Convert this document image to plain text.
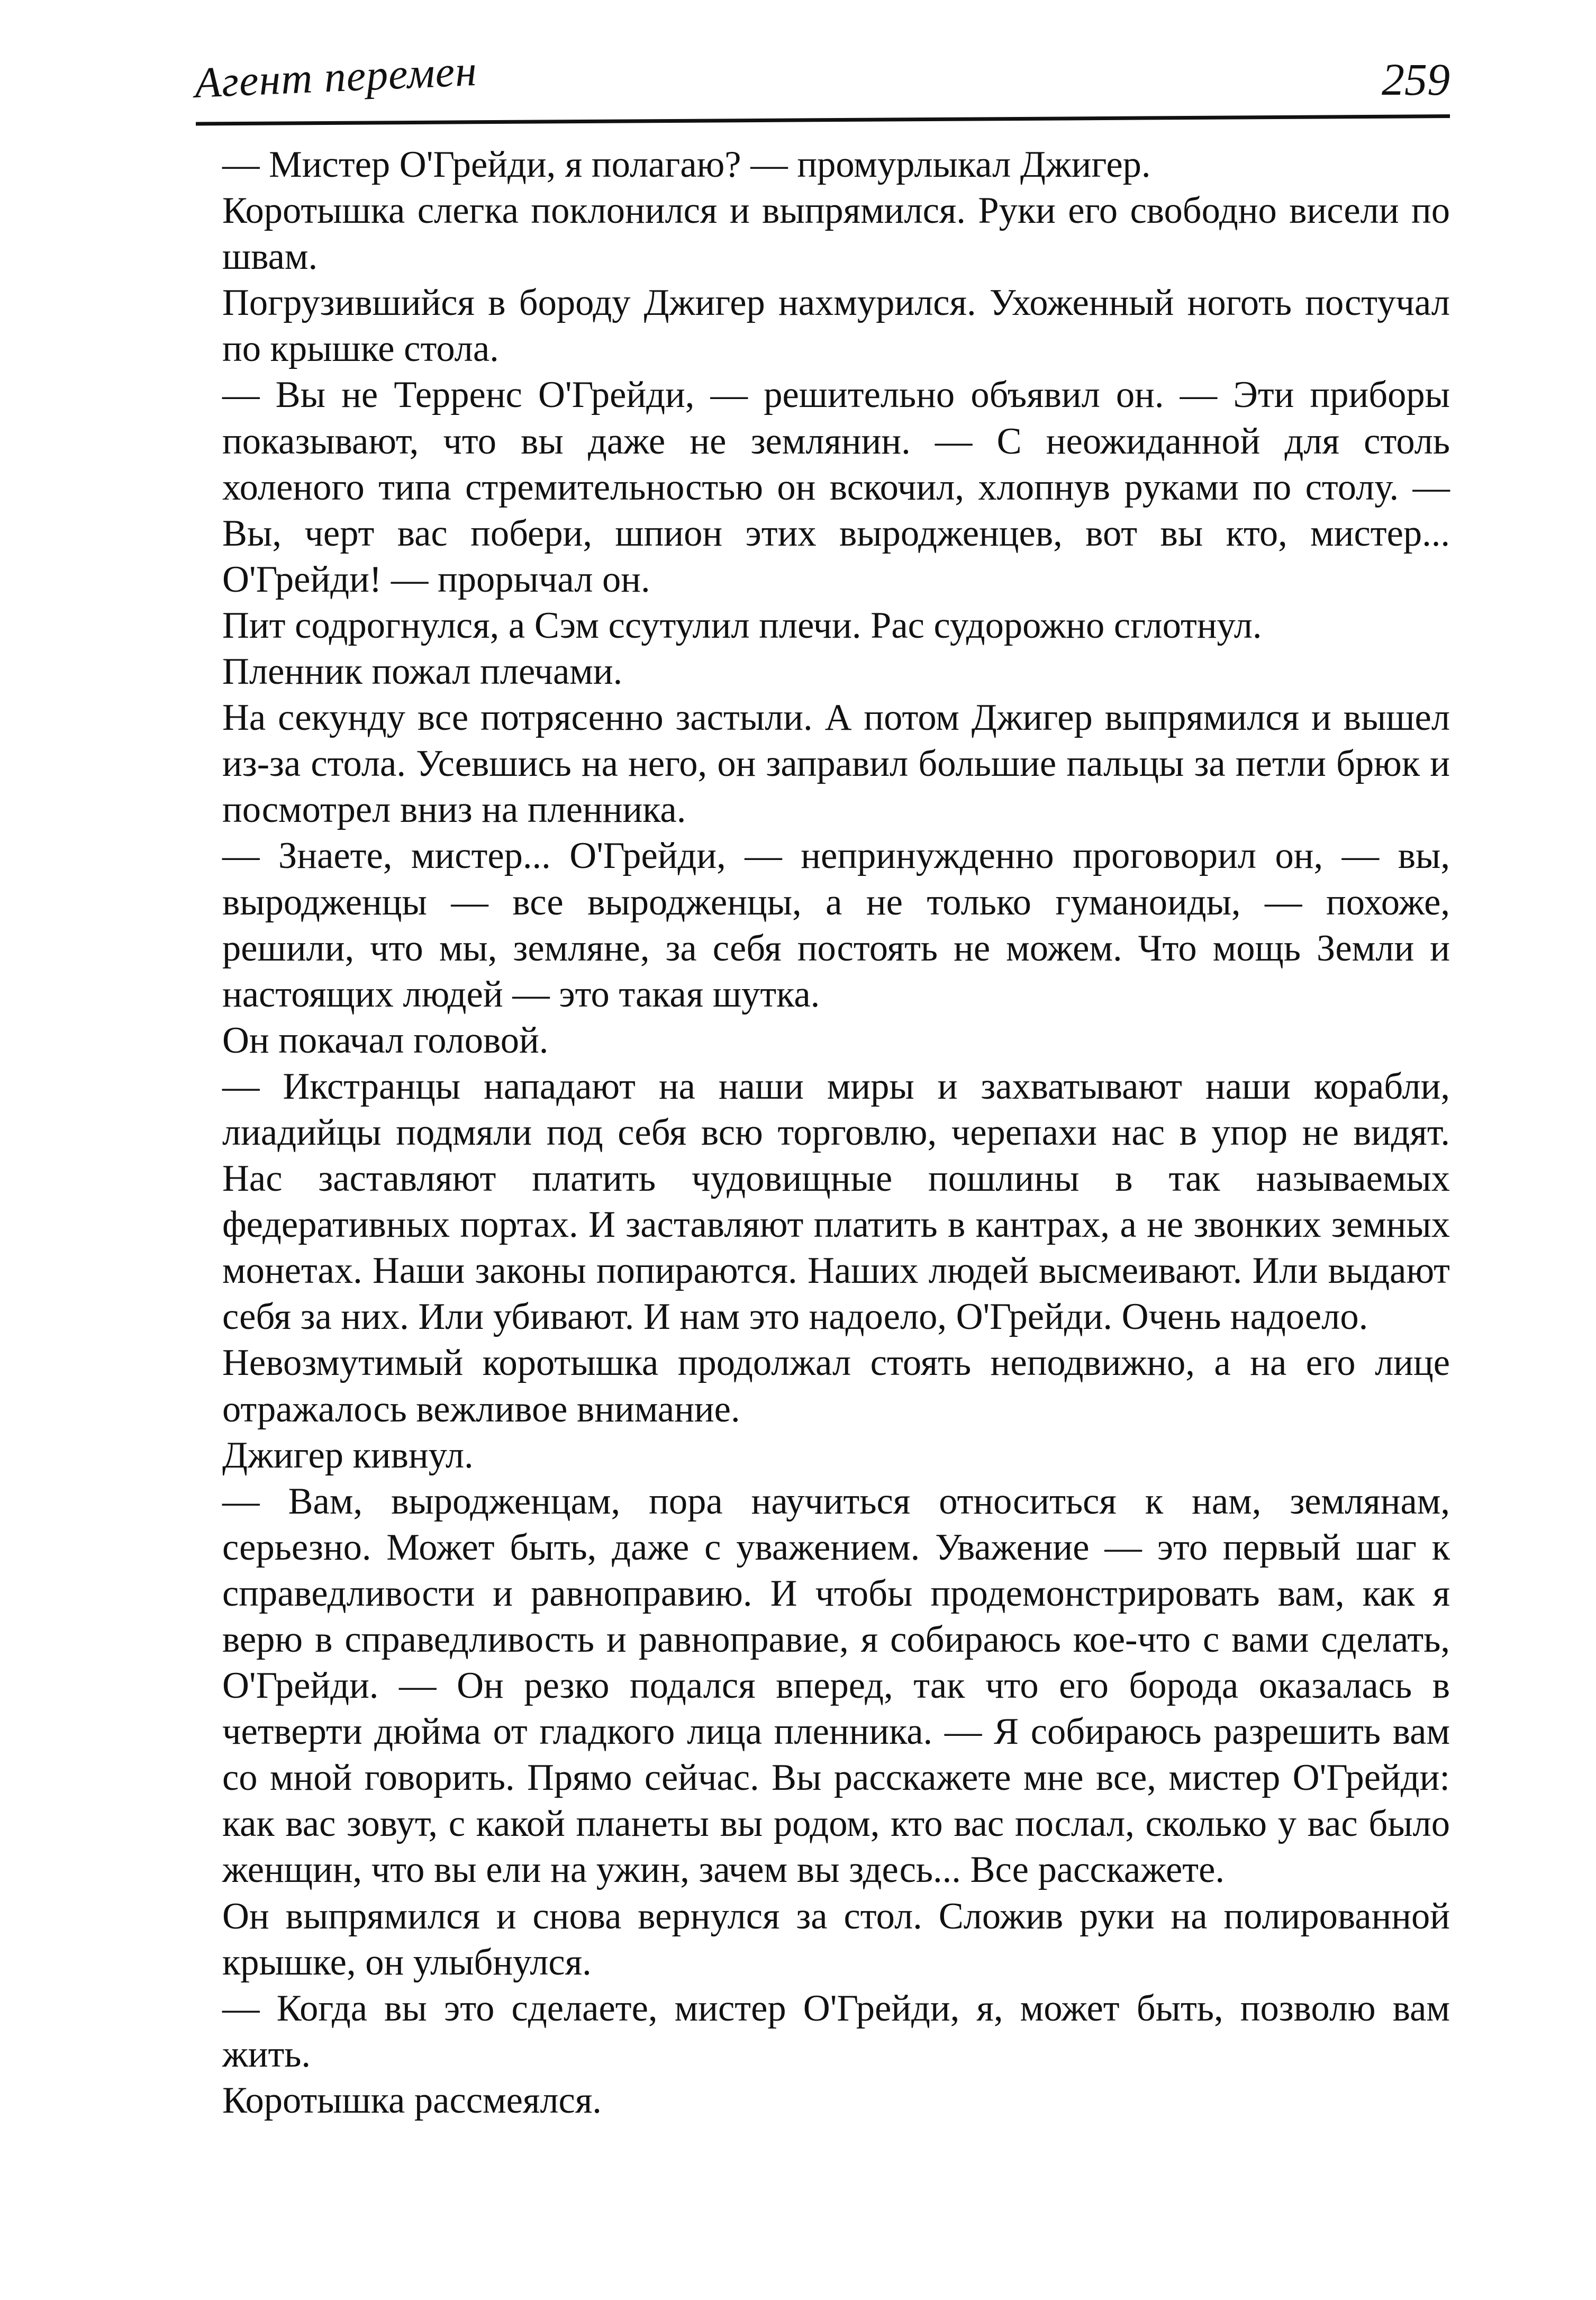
Агент перемен	259

— Мистер О'Грейди, я полагаю? — промурлыкал Джигер.

Коротышка слегка поклонился и выпрямился. Руки его свободно висели по швам.

Погрузившийся в бороду Джигер нахмурился. Ухоженный ноготь постучал по крышке стола.

— Вы не Терренс О'Грейди, — решительно объявил он. — Эти приборы показывают, что вы даже не землянин. — С неожиданной для столь холеного типа стремительностью он вскочил, хлопнув руками по столу. — Вы, черт вас побери, шпион этих выродженцев, вот вы кто, мистер... О'Грейди! — прорычал он.

Пит содрогнулся, а Сэм ссутулил плечи. Рас судорожно сглотнул.

Пленник пожал плечами.

На секунду все потрясенно застыли. А потом Джигер выпрямился и вышел из-за стола. Усевшись на него, он заправил большие пальцы за петли брюк и посмотрел вниз на пленника.

— Знаете, мистер... О'Грейди, — непринужденно проговорил он, — вы, выродженцы — все выродженцы, а не только гуманоиды, — похоже, решили, что мы, земляне, за себя постоять не можем. Что мощь Земли и настоящих людей — это такая шутка.

Он покачал головой.

— Икстранцы нападают на наши миры и захватывают наши корабли, лиадийцы подмяли под себя всю торговлю, черепахи нас в упор не видят. Нас заставляют платить чудовищные пошлины в так называемых федеративных портах. И заставляют платить в кантрах, а не звонких земных монетах. Наши законы попираются. Наших людей высмеивают. Или выдают себя за них. Или убивают. И нам это надоело, О'Грейди. Очень надоело.

Невозмутимый коротышка продолжал стоять неподвижно, а на его лице отражалось вежливое внимание.

Джигер кивнул.

— Вам, выродженцам, пора научиться относиться к нам, землянам, серьезно. Может быть, даже с уважением. Уважение — это первый шаг к справедливости и равноправию. И чтобы продемонстрировать вам, как я верю в справедливость и равноправие, я собираюсь кое-что с вами сделать, О'Грейди. — Он резко подался вперед, так что его борода оказалась в четверти дюйма от гладкого лица пленника. — Я собираюсь разрешить вам со мной говорить. Прямо сейчас. Вы расскажете мне все, мистер О'Грейди: как вас зовут, с какой планеты вы родом, кто вас послал, сколько у вас было женщин, что вы ели на ужин, зачем вы здесь... Все расскажете.

Он выпрямился и снова вернулся за стол. Сложив руки на полированной крышке, он улыбнулся.

— Когда вы это сделаете, мистер О'Грейди, я, может быть, позволю вам жить.

Коротышка рассмеялся.
